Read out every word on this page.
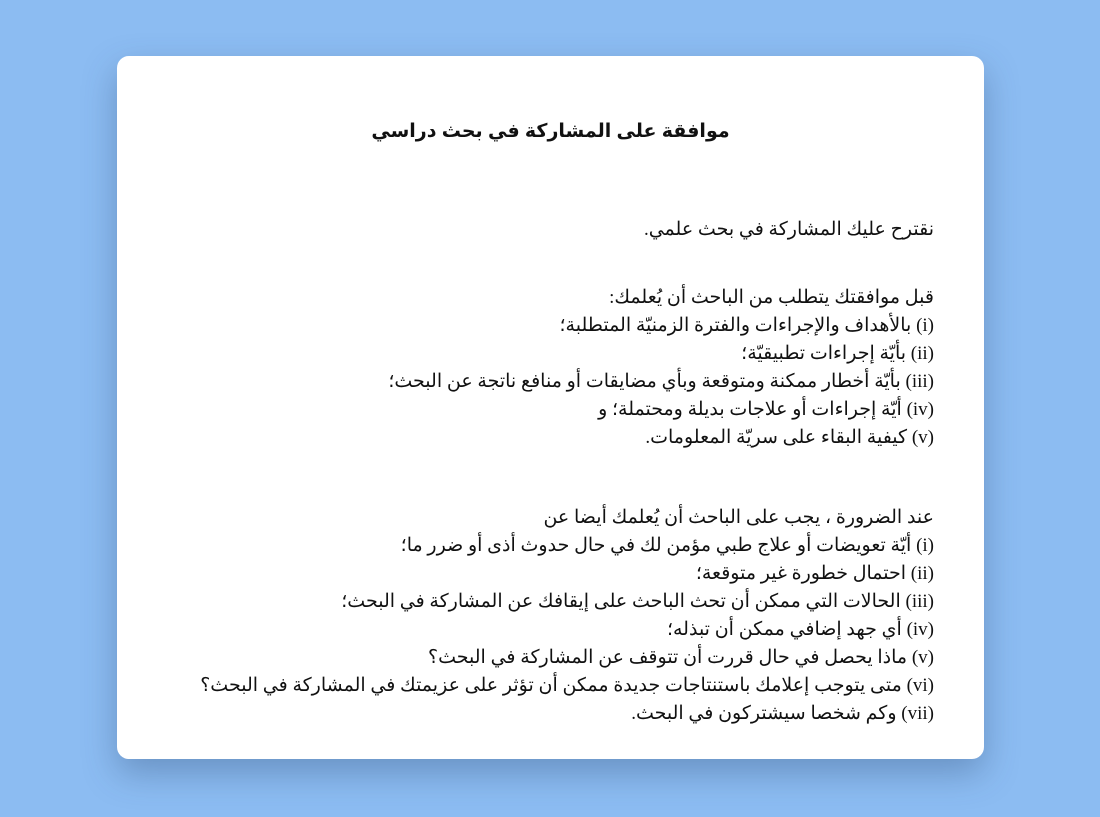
موافقة على المشاركة في بحث دراسي

نقترح عليك المشاركة في بحث علمي.

قبل موافقتك يتطلب من الباحث أن يُعلمك:

(i) بالأهداف والإجراءات والفترة الزمنيّة المتطلبة؛
(ii) بأيّة إجراءات تطبيقيّة؛
(iii) بأيّة أخطار ممكنة ومتوقعة وبأي مضايقات أو منافع ناتجة عن البحث؛
(iv) أيّة إجراءات أو علاجات بديلة ومحتملة؛ و
(v) كيفية البقاء على سريّة المعلومات.

عند الضرورة ، يجب على الباحث أن يُعلمك أيضا عن

(i) أيّة تعويضات أو علاج طبي مؤمن لك في حال حدوث أذى أو ضرر ما؛
(ii) احتمال خطورة غير متوقعة؛
(iii) الحالات التي ممكن أن تحث الباحث على إيقافك عن المشاركة في البحث؛
(iv) أي جهد إضافي ممكن أن تبذله؛
(v) ماذا يحصل في حال قررت أن تتوقف عن المشاركة في البحث؟
(vi) متى يتوجب إعلامك باستنتاجات جديدة ممكن أن تؤثر على عزيمتك في المشاركة في البحث؟
(vii) وكم شخصا سيشتركون في البحث.
